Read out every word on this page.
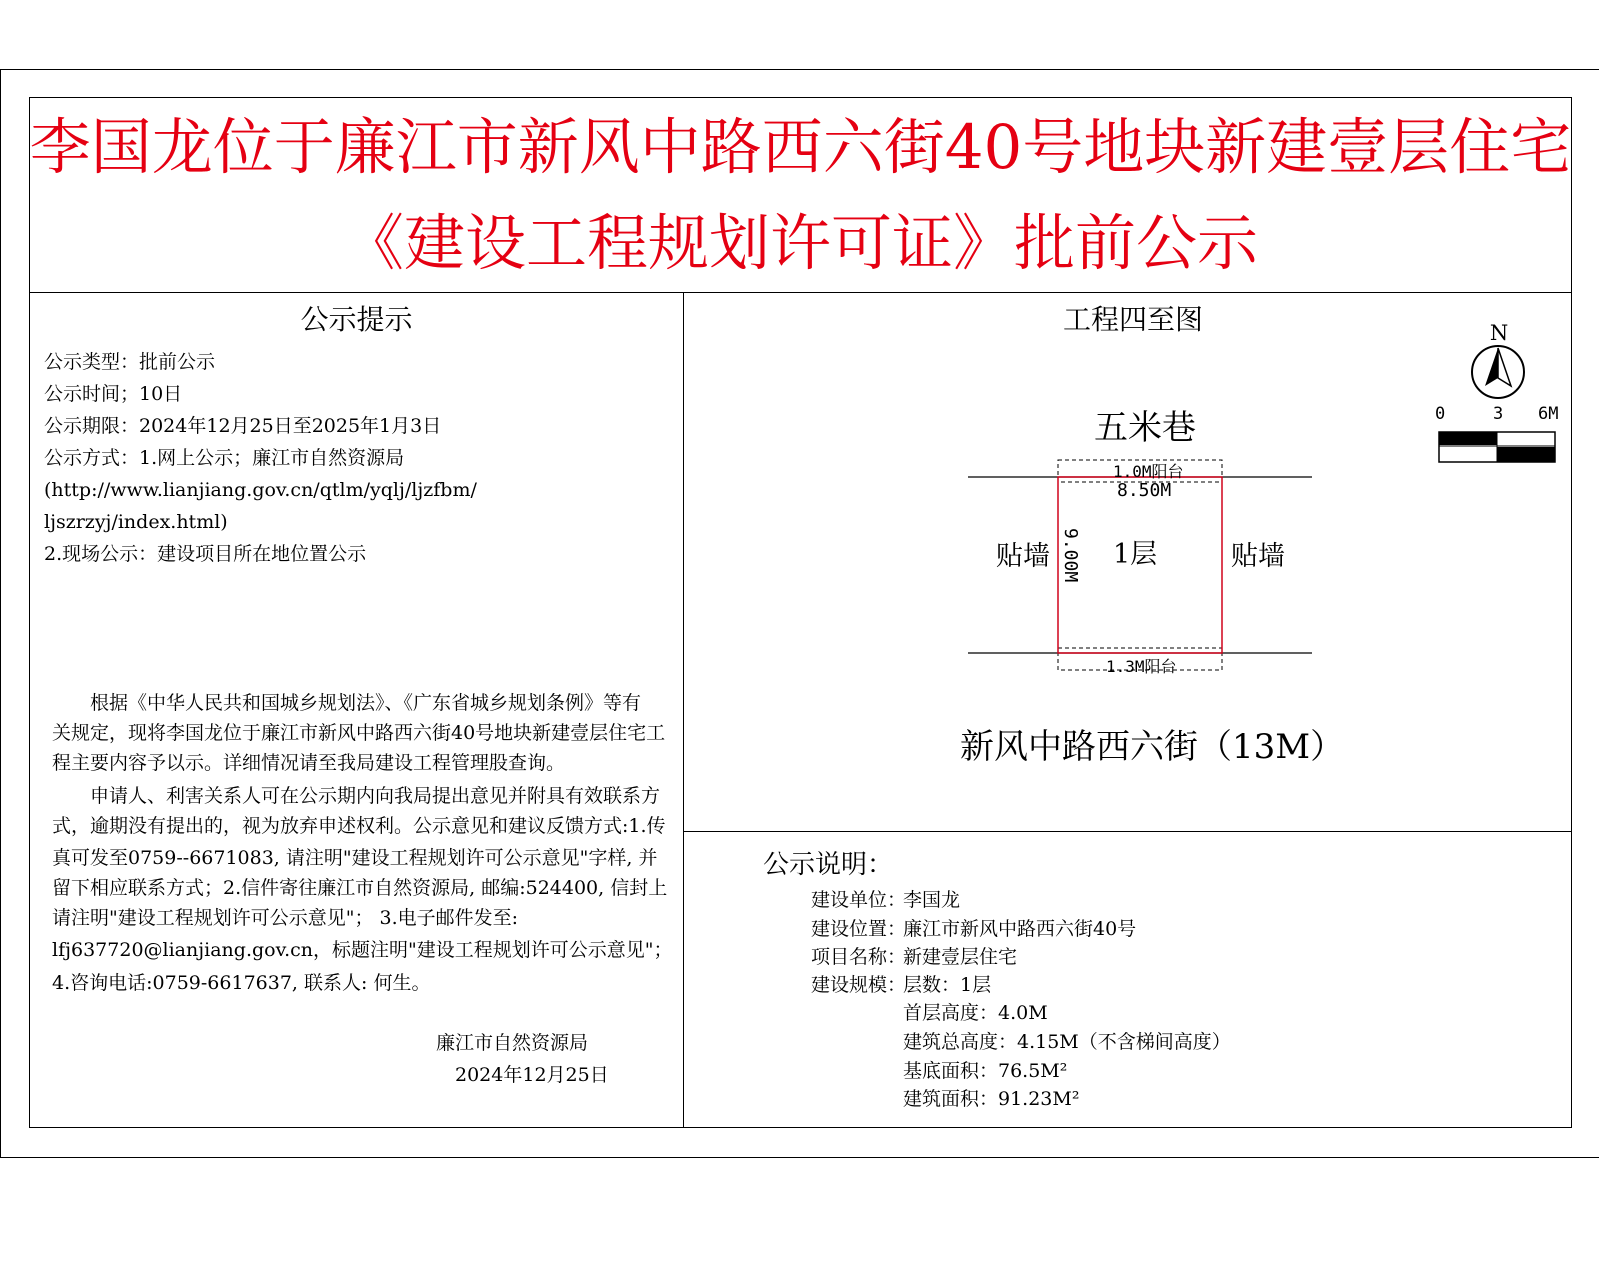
李国龙位于廉江市新风中路西六街40号地块新建壹层住宅
《建设工程规划许可证》批前公示
公示提示
公示类型：批前公示
公示时间；10日
公示期限：2024年12月25日至2025年1月3日
公示方式：1.网上公示；廉江市自然资源局
(http://www.lianjiang.gov.cn/qtlm/yqlj/ljzfbm/
ljszrzyj/index.html)
2.现场公示：建设项目所在地位置公示
　　根据《中华人民共和国城乡规划法》、《广东省城乡规划条例》等有
关规定，现将李国龙位于廉江市新风中路西六街40号地块新建壹层住宅工
程主要内容予以示。详细情况请至我局建设工程管理股查询。
　　申请人、利害关系人可在公示期内向我局提出意见并附具有效联系方
式，逾期没有提出的，视为放弃申述权利。公示意见和建议反馈方式:1.传
真可发至0759--6671083, 请注明"建设工程规划许可公示意见"字样, 并
留下相应联系方式；2.信件寄往廉江市自然资源局, 邮编:524400, 信封上
请注明"建设工程规划许可公示意见"； 3.电子邮件发至:
lfj637720@lianjiang.gov.cn，标题注明"建设工程规划许可公示意见"；
4.咨询电话:0759-6617637, 联系人: 何生。
廉江市自然资源局
2024年12月25日
工程四至图	N
0	3 6M
五米巷
新风中路西六街（13M）
贴墙	贴墙
1.0M阳台
8.50M
9.00M 1层
1.3M阳台
公示说明：
建设单位：
李国龙
建设位置：
廉江市新风中路西六街40号
项目名称：
新建壹层住宅
建设规模：
层数：1层
首层高度：4.0M
建筑总高度：4.15M（不含梯间高度）
基底面积：76.5M²
建筑面积：91.23M²
